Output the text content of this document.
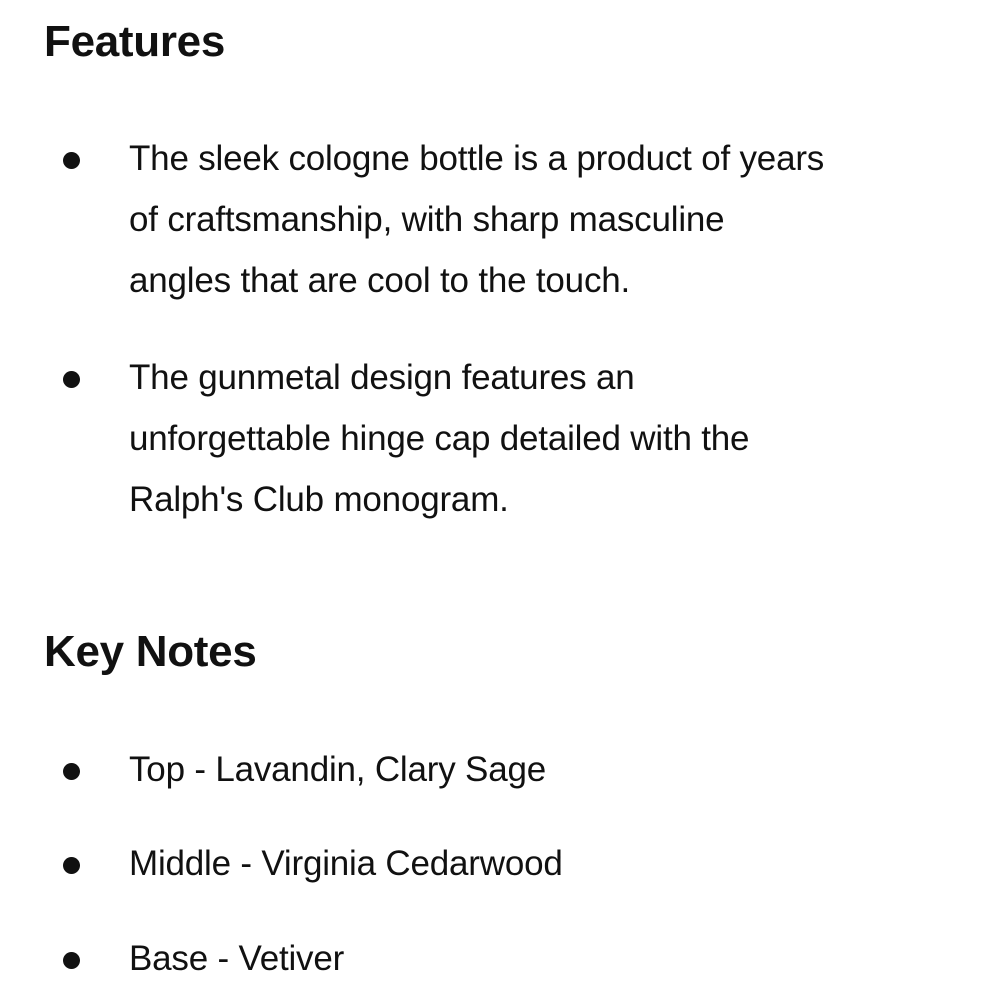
Features

The sleek cologne bottle is a product of years
of craftsmanship, with sharp masculine
angles that are cool to the touch.

The gunmetal design features an
unforgettable hinge cap detailed with the
Ralph's Club monogram.

Key Notes

Top - Lavandin, Clary Sage

Middle - Virginia Cedarwood

Base - Vetiver
